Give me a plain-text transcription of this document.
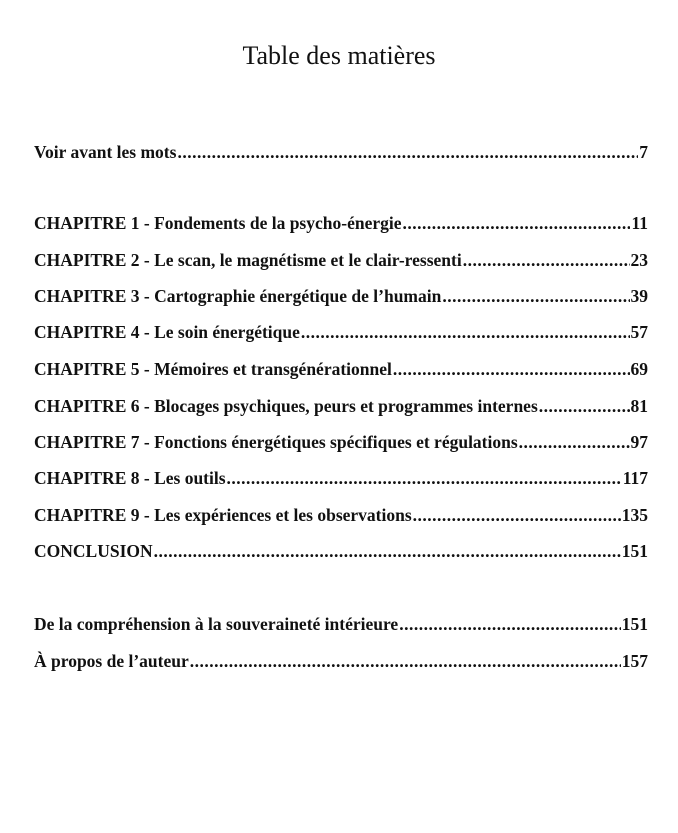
Table des matières
Voir avant les mots .....	7
CHAPITRE 1 - Fondements de la psycho-énergie .....	11
CHAPITRE 2 - Le scan, le magnétisme et le clair-ressenti .....	23
CHAPITRE 3 - Cartographie énergétique de l’humain .....	39
CHAPITRE 4 - Le soin énergétique .....	57
CHAPITRE 5 - Mémoires et transgénérationnel .....	69
CHAPITRE 6 - Blocages psychiques, peurs et programmes internes .....	81
CHAPITRE 7 - Fonctions énergétiques spécifiques et régulations .....	97
CHAPITRE 8 - Les outils .....	117
CHAPITRE 9 - Les expériences et les observations .....	135
CONCLUSION .....	151
De la compréhension à la souveraineté intérieure .....	151
À propos de l’auteur .....	157
